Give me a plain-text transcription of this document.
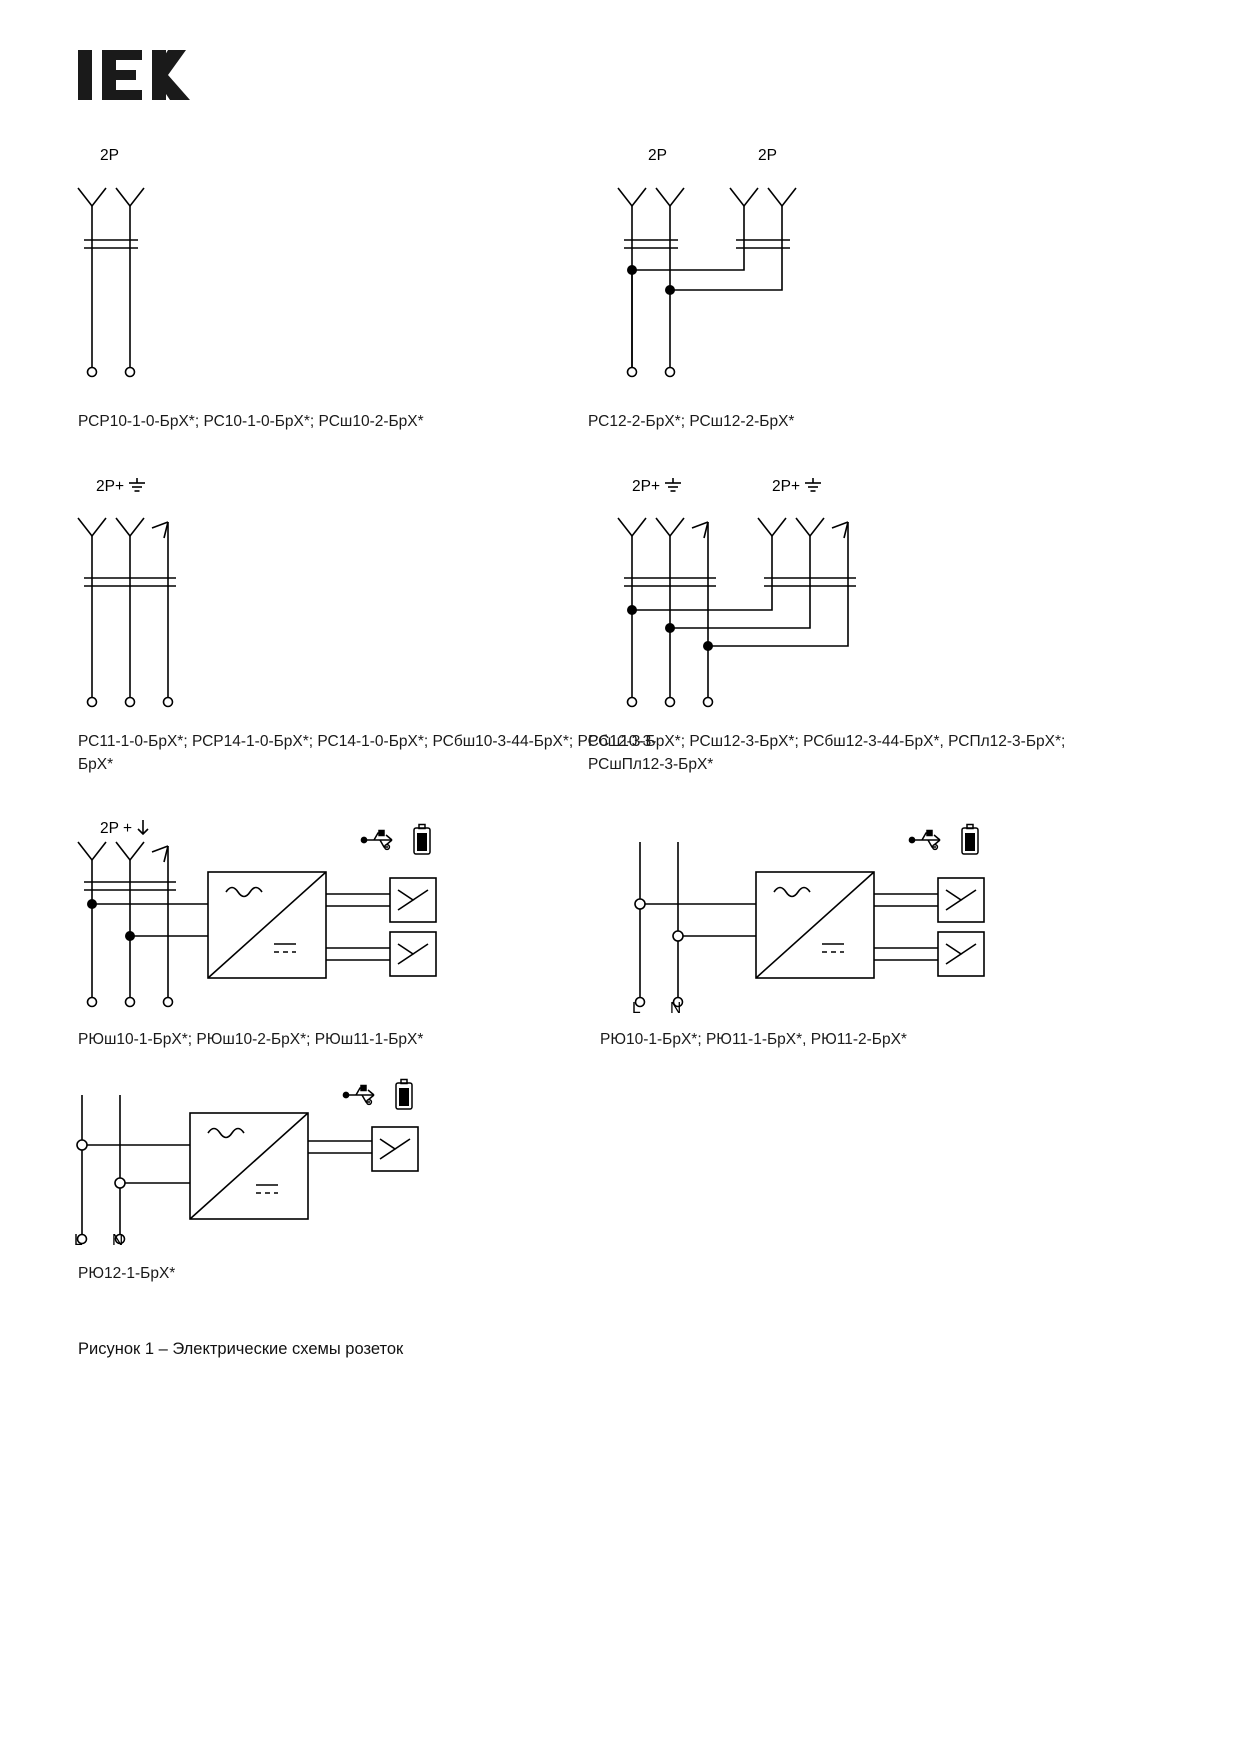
2P
РСР10-1-0-БрХ*; РС10-1-0-БрХ*; РСш10-2-БрХ*
2P	2P
РС12-2-БрХ*; РСш12-2-БрХ*
2P+
РС11-1-0-БрХ*; РСР14-1-0-БрХ*; РС14-1-0-БрХ*; РСбш10-3-44-БрХ*; РСбш10-3-БрХ*
2P+	2P+
РС12-3-БрХ*; РСш12-3-БрХ*; РСбш12-3-44-БрХ*, РСПл12-3-БрХ*; РСшПл12-3-БрХ*
2P +
РЮш10-1-БрХ*; РЮш10-2-БрХ*; РЮш11-1-БрХ*
L N
РЮ10-1-БрХ*; РЮ11-1-БрХ*, РЮ11-2-БрХ*
L N
РЮ12-1-БрХ*
Рисунок 1 – Электрические схемы розеток
